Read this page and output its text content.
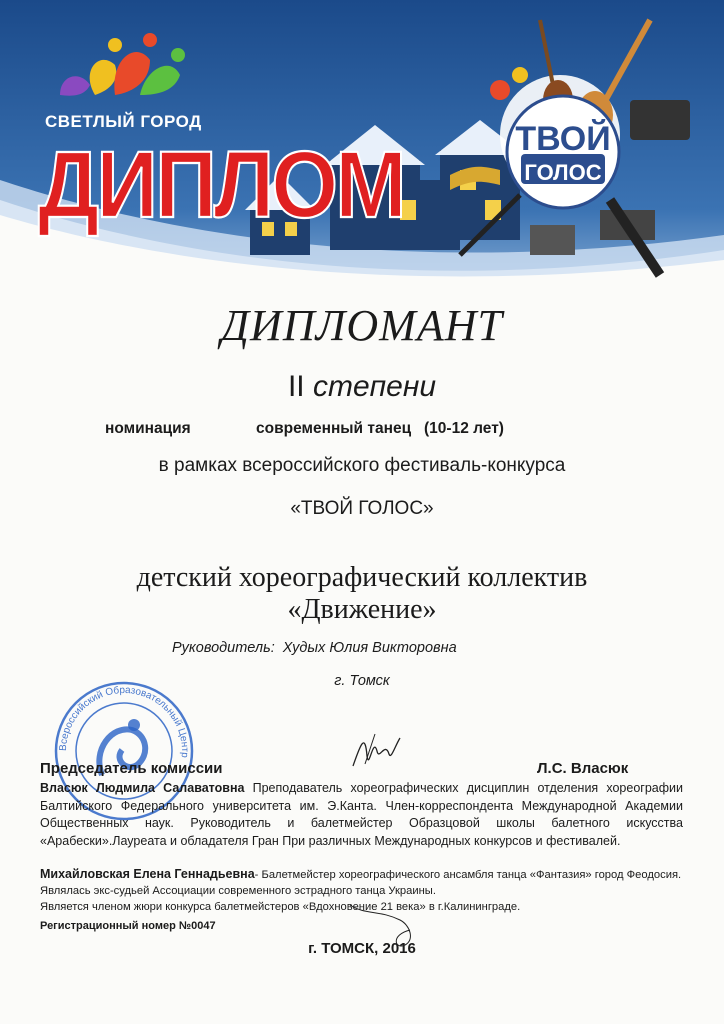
СВЕТЛЫЙ ГОРОД
ДИПЛОМ	ТВОЙ
ГОЛОС
ДИПЛОМАНТ
II степени
номинация	современный танец   (10-12 лет)
в рамках всероссийского фестиваль-конкурса
«ТВОЙ ГОЛОС»
детский хореографический коллектив
«Движение»
Руководитель:  Худых Юлия Викторовна
г. Томск
Всероссийский Образовательный Центр
Председатель комиссии	Л.С. Власюк
Власюк Людмила Салаватовна Преподаватель хореографических дисциплин отделения хореографии Балтийского Федерального университета им. Э.Канта. Член-корреспондента Международной Академии Общественных наук. Руководитель и балетмейстер Образцовой школы балетного искусства «Арабески».Лауреата и обладателя Гран При различных Международных конкурсов и фестивалей.
Михайловская Елена Геннадьевна- Балетмейстер хореографического ансамбля танца «Фантазия» город Феодосия. Являлась экс-судьей Ассоциации современного эстрадного танца Украины.
Является членом жюри конкурса балетмейстеров «Вдохновение 21 века» в г.Калининграде.
Регистрационный номер №0047
г. ТОМСК, 2016
